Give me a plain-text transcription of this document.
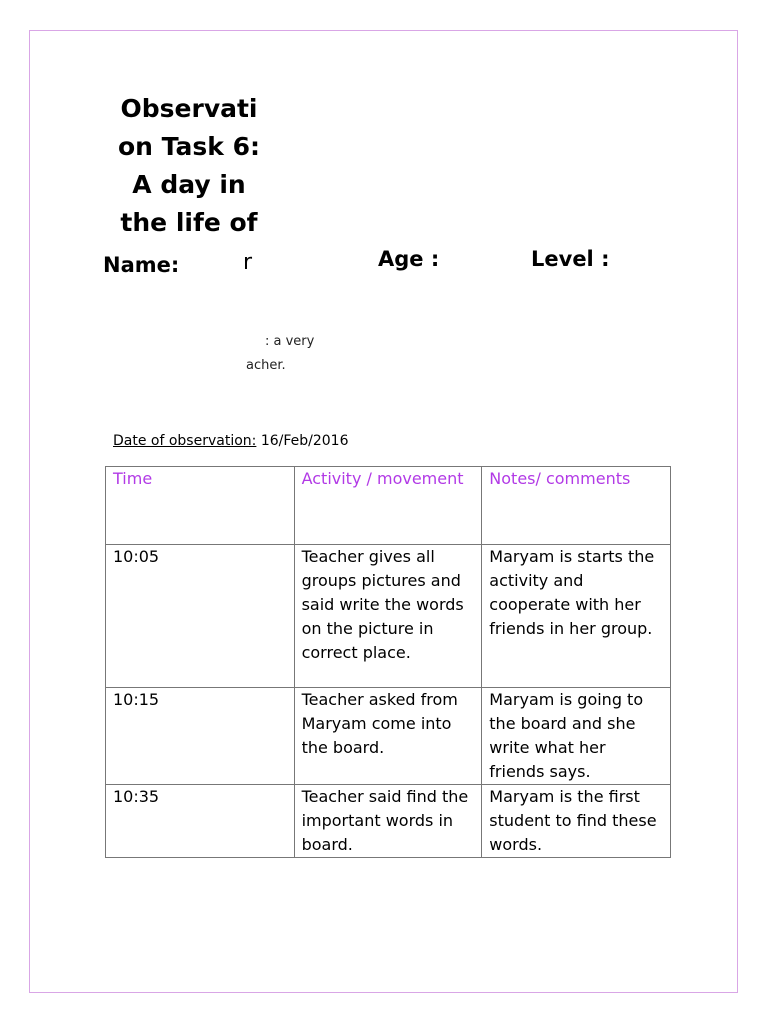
Observati
on Task 6:
A day in
the life of

Name:	r	Age :	Level :

: a very
acher.
Date of observation: 16/Feb/2016
Time	Activity / movement	Notes/ comments
10:05	Teacher gives all groups pictures and said write the words on the picture in correct place.	Maryam is starts the activity and cooperate with her friends in her group.
10:15	Teacher asked from Maryam come into the board.	Maryam is going to the board and she write what her friends says.
10:35	Teacher said find the important words in board.	Maryam is the first student to find these words.
